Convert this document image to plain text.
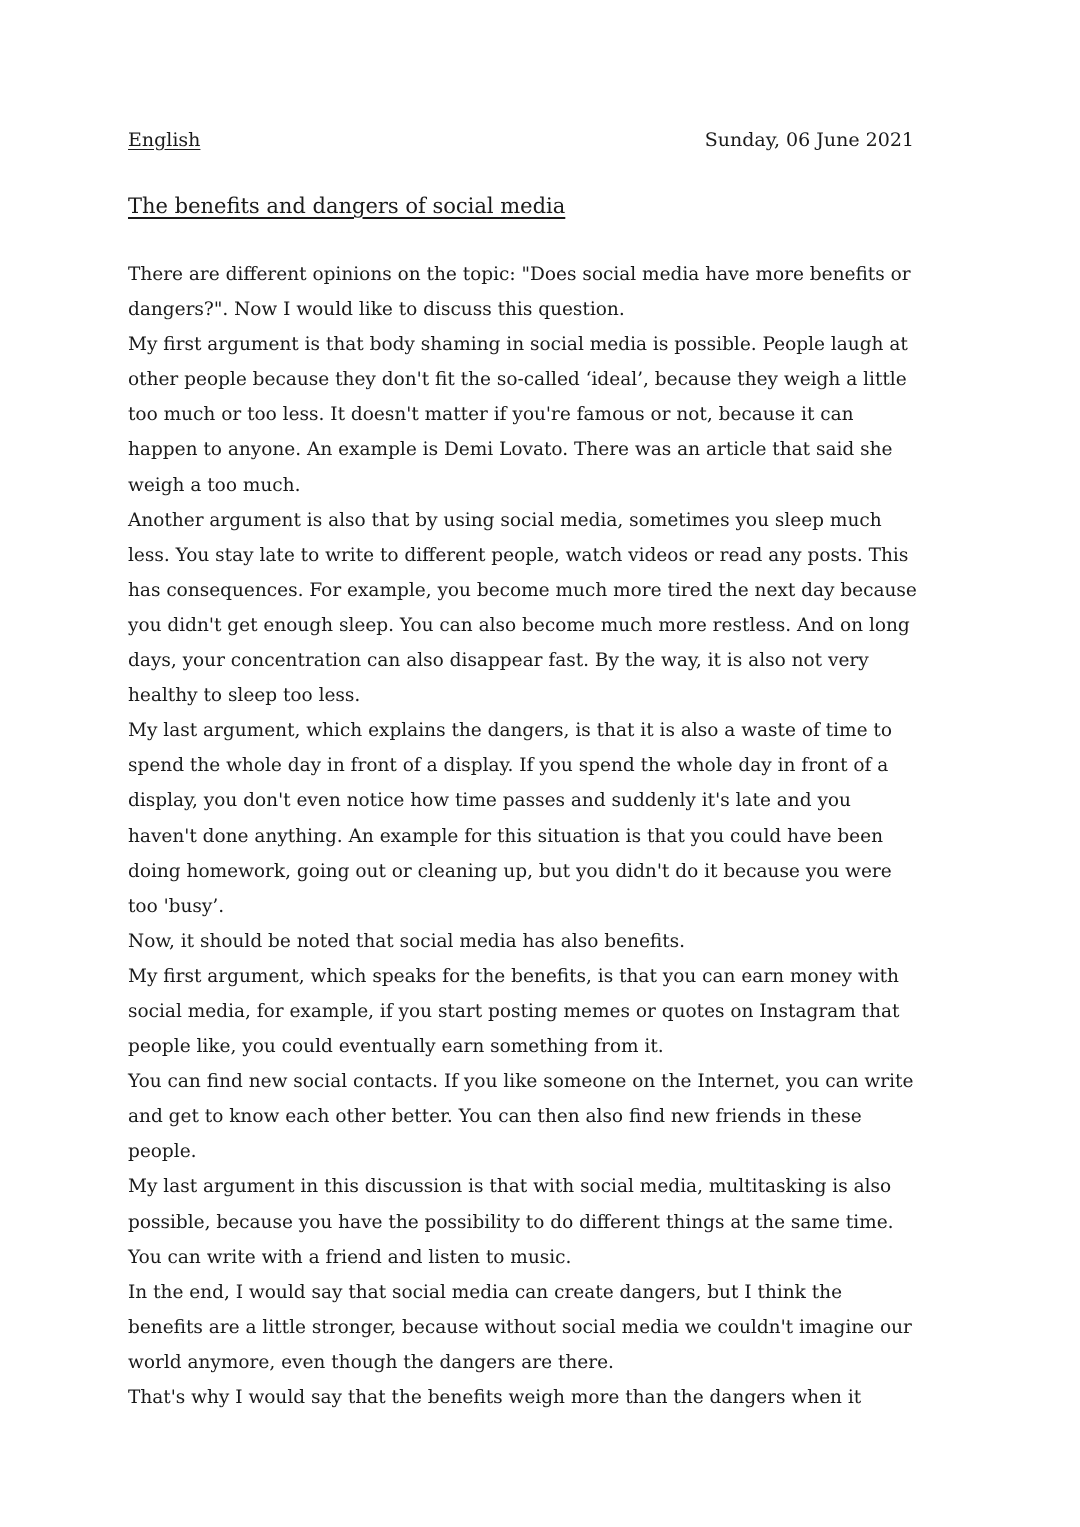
English	Sunday, 06 June 2021
The benefits and dangers of social media
There are different opinions on the topic: "Does social media have more benefits or
dangers?". Now I would like to discuss this question.
My first argument is that body shaming in social media is possible. People laugh at
other people because they don't fit the so-called ‘ideal’, because they weigh a little
too much or too less. It doesn't matter if you're famous or not, because it can
happen to anyone. An example is Demi Lovato. There was an article that said she
weigh a too much.
Another argument is also that by using social media, sometimes you sleep much
less. You stay late to write to different people, watch videos or read any posts. This
has consequences. For example, you become much more tired the next day because
you didn't get enough sleep. You can also become much more restless. And on long
days, your concentration can also disappear fast. By the way, it is also not very
healthy to sleep too less.
My last argument, which explains the dangers, is that it is also a waste of time to
spend the whole day in front of a display. If you spend the whole day in front of a
display, you don't even notice how time passes and suddenly it's late and you
haven't done anything. An example for this situation is that you could have been
doing homework, going out or cleaning up, but you didn't do it because you were
too 'busy’.
Now, it should be noted that social media has also benefits.
My first argument, which speaks for the benefits, is that you can earn money with
social media, for example, if you start posting memes or quotes on Instagram that
people like, you could eventually earn something from it.
You can find new social contacts. If you like someone on the Internet, you can write
and get to know each other better. You can then also find new friends in these
people.
My last argument in this discussion is that with social media, multitasking is also
possible, because you have the possibility to do different things at the same time.
You can write with a friend and listen to music.
In the end, I would say that social media can create dangers, but I think the
benefits are a little stronger, because without social media we couldn't imagine our
world anymore, even though the dangers are there.
That's why I would say that the benefits weigh more than the dangers when it
